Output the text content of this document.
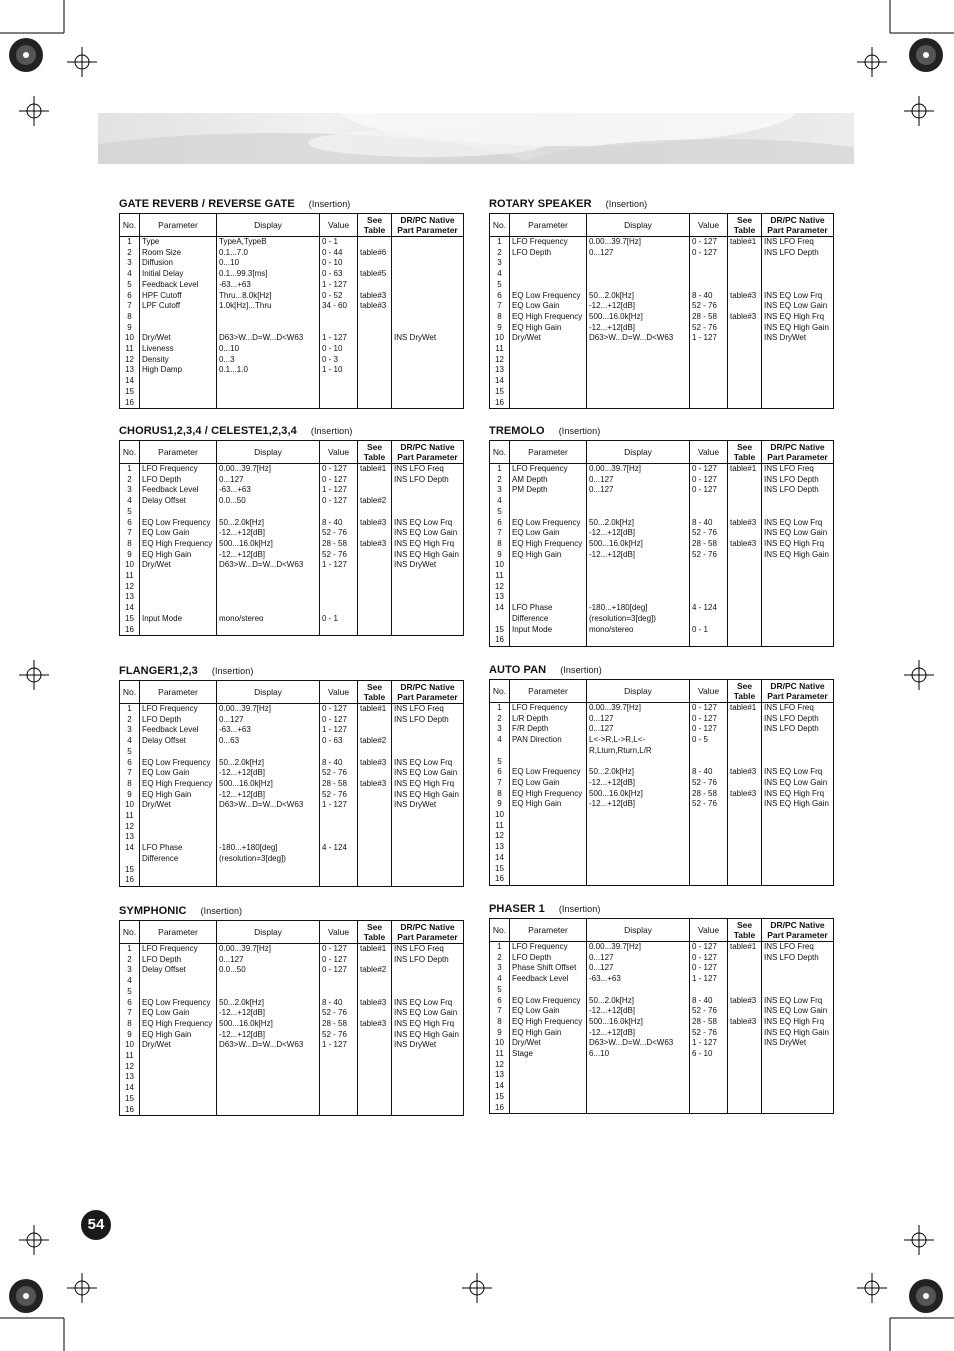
GATE REVERB / REVERSE GATE (Insertion)
No.	Parameter	Display	Value	See
Table	DR/PC Native
Part Parameter
1	Type	TypeA,TypeB	0 - 1		
2	Room Size	0.1...7.0	0 - 44	table#6	
3	Diffusion	0...10	0 - 10		
4	Initial Delay	0.1...99.3[ms]	0 - 63	table#5	
5	Feedback Level	-63...+63	1 - 127		
6	HPF Cutoff	Thru...8.0k[Hz]	0 - 52	table#3	
7	LPF Cutoff	1.0k[Hz]...Thru	34 - 60	table#3	
8					
9					
10	Dry/Wet	D63>W...D=W...D<W63	1 - 127		INS DryWet
11	Liveness	0...10	0 - 10		
12	Density	0...3	0 - 3		
13	High Damp	0.1...1.0	1 - 10		
14					
15					
16					
ROTARY SPEAKER (Insertion)
No.	Parameter	Display	Value	See
Table	DR/PC Native
Part Parameter
1	LFO Frequency	0.00...39.7[Hz]	0 - 127	table#1	INS LFO Freq
2	LFO Depth	0...127	0 - 127		INS LFO Depth
3					
4					
5					
6	EQ Low Frequency	50...2.0k[Hz]	8 - 40	table#3	INS EQ Low Frq
7	EQ Low Gain	-12...+12[dB]	52 - 76		INS EQ Low Gain
8	EQ High Frequency	500...16.0k[Hz]	28 - 58	table#3	INS EQ High Frq
9	EQ High Gain	-12...+12[dB]	52 - 76		INS EQ High Gain
10	Dry/Wet	D63>W...D=W...D<W63	1 - 127		INS DryWet
11					
12					
13					
14					
15					
16					
CHORUS1,2,3,4 / CELESTE1,2,3,4 (Insertion)
No.	Parameter	Display	Value	See
Table	DR/PC Native
Part Parameter
1	LFO Frequency	0.00...39.7[Hz]	0 - 127	table#1	INS LFO Freq
2	LFO Depth	0...127	0 - 127		INS LFO Depth
3	Feedback Level	-63...+63	1 - 127		
4	Delay Offset	0.0...50	0 - 127	table#2	
5					
6	EQ Low Frequency	50...2.0k[Hz]	8 - 40	table#3	INS EQ Low Frq
7	EQ Low Gain	-12...+12[dB]	52 - 76		INS EQ Low Gain
8	EQ High Frequency	500...16.0k[Hz]	28 - 58	table#3	INS EQ High Frq
9	EQ High Gain	-12...+12[dB]	52 - 76		INS EQ High Gain
10	Dry/Wet	D63>W...D=W...D<W63	1 - 127		INS DryWet
11					
12					
13					
14					
15	Input Mode	mono/stereo	0 - 1		
16					
TREMOLO (Insertion)
No.	Parameter	Display	Value	See
Table	DR/PC Native
Part Parameter
1	LFO Frequency	0.00...39.7[Hz]	0 - 127	table#1	INS LFO Freq
2	AM Depth	0...127	0 - 127		INS LFO Depth
3	PM Depth	0...127	0 - 127		INS LFO Depth
4					
5					
6	EQ Low Frequency	50...2.0k[Hz]	8 - 40	table#3	INS EQ Low Frq
7	EQ Low Gain	-12...+12[dB]	52 - 76		INS EQ Low Gain
8	EQ High Frequency	500...16.0k[Hz]	28 - 58	table#3	INS EQ High Frq
9	EQ High Gain	-12...+12[dB]	52 - 76		INS EQ High Gain
10					
11					
12					
13					
14	LFO Phase	-180...+180[deg]	4 - 124		
	Difference	(resolution=3[deg])			
15	Input Mode	mono/stereo	0 - 1		
16					
FLANGER1,2,3 (Insertion)
No.	Parameter	Display	Value	See
Table	DR/PC Native
Part Parameter
1	LFO Frequency	0.00...39.7[Hz]	0 - 127	table#1	INS LFO Freq
2	LFO Depth	0...127	0 - 127		INS LFO Depth
3	Feedback Level	-63...+63	1 - 127		
4	Delay Offset	0...63	0 - 63	table#2	
5					
6	EQ Low Frequency	50...2.0k[Hz]	8 - 40	table#3	INS EQ Low Frq
7	EQ Low Gain	-12...+12[dB]	52 - 76		INS EQ Low Gain
8	EQ High Frequency	500...16.0k[Hz]	28 - 58	table#3	INS EQ High Frq
9	EQ High Gain	-12...+12[dB]	52 - 76		INS EQ High Gain
10	Dry/Wet	D63>W...D=W...D<W63	1 - 127		INS DryWet
11					
12					
13					
14	LFO Phase	-180...+180[deg]	4 - 124		
	Difference	(resolution=3[deg])			
15					
16					
AUTO PAN (Insertion)
No.	Parameter	Display	Value	See
Table	DR/PC Native
Part Parameter
1	LFO Frequency	0.00...39.7[Hz]	0 - 127	table#1	INS LFO Freq
2	L/R Depth	0...127	0 - 127		INS LFO Depth
3	F/R Depth	0...127	0 - 127		INS LFO Depth
4	PAN Direction	L<->R,L->R,L<-	0 - 5		
		R,Lturn,Rturn,L/R			
5					
6	EQ Low Frequency	50...2.0k[Hz]	8 - 40	table#3	INS EQ Low Frq
7	EQ Low Gain	-12...+12[dB]	52 - 76		INS EQ Low Gain
8	EQ High Frequency	500...16.0k[Hz]	28 - 58	table#3	INS EQ High Frq
9	EQ High Gain	-12...+12[dB]	52 - 76		INS EQ High Gain
10					
11					
12					
13					
14					
15					
16					
SYMPHONIC (Insertion)
No.	Parameter	Display	Value	See
Table	DR/PC Native
Part Parameter
1	LFO Frequency	0.00...39.7[Hz]	0 - 127	table#1	INS LFO Freq
2	LFO Depth	0...127	0 - 127		INS LFO Depth
3	Delay Offset	0.0...50	0 - 127	table#2	
4					
5					
6	EQ Low Frequency	50...2.0k[Hz]	8 - 40	table#3	INS EQ Low Frq
7	EQ Low Gain	-12...+12[dB]	52 - 76		INS EQ Low Gain
8	EQ High Frequency	500...16.0k[Hz]	28 - 58	table#3	INS EQ High Frq
9	EQ High Gain	-12...+12[dB]	52 - 76		INS EQ High Gain
10	Dry/Wet	D63>W...D=W...D<W63	1 - 127		INS DryWet
11					
12					
13					
14					
15					
16					
PHASER 1 (Insertion)
No.	Parameter	Display	Value	See
Table	DR/PC Native
Part Parameter
1	LFO Frequency	0.00...39.7[Hz]	0 - 127	table#1	INS LFO Freq
2	LFO Depth	0...127	0 - 127		INS LFO Depth
3	Phase Shift Offset	0...127	0 - 127		
4	Feedback Level	-63...+63	1 - 127		
5					
6	EQ Low Frequency	50...2.0k[Hz]	8 - 40	table#3	INS EQ Low Frq
7	EQ Low Gain	-12...+12[dB]	52 - 76		INS EQ Low Gain
8	EQ High Frequency	500...16.0k[Hz]	28 - 58	table#3	INS EQ High Frq
9	EQ High Gain	-12...+12[dB]	52 - 76		INS EQ High Gain
10	Dry/Wet	D63>W...D=W...D<W63	1 - 127		INS DryWet
11	Stage	6...10	6 - 10		
12					
13					
14					
15					
16					
54
